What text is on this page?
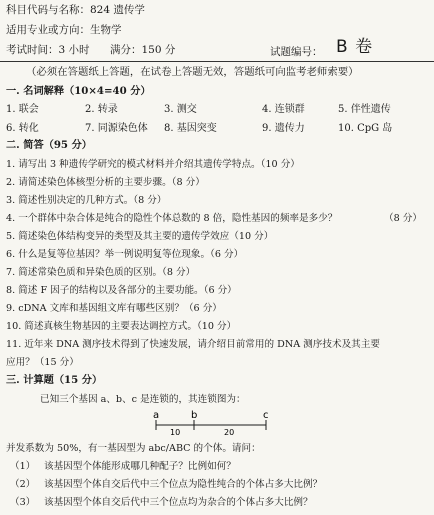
科目代码与名称：824 遗传学
适用专业或方向：生物学
考试时间：3 小时 满分：150 分	试题编号： B 卷
（必须在答题纸上答题，在试卷上答题无效，答题纸可向监考老师索要）
一. 名词解释（10×4=40 分）
1. 联会	2. 转录	3. 测交	4. 连锁群	5. 伴性遗传
6. 转化	7. 同源染色体 8. 基因突变	9. 遗传力	10. CpG 岛
二. 简答（95 分）
1. 请写出 3 种遗传学研究的模式材料并介绍其遗传学特点。（10 分）
2. 请简述染色体核型分析的主要步骤。（8 分）
3. 简述性别决定的几种方式。（8 分）
4. 一个群体中杂合体是纯合的隐性个体总数的 8 倍，隐性基因的频率是多少？	（8 分）
5. 简述染色体结构变异的类型及其主要的遗传学效应（10 分）
6. 什么是复等位基因？举一例说明复等位现象。（6 分）
7. 简述常染色质和异染色质的区别。（8 分）
8. 简述 F 因子的结构以及各部分的主要功能。（6 分）
9. cDNA 文库和基因组文库有哪些区别？（6 分）
10. 简述真核生物基因的主要表达调控方式。（10 分）
11. 近年来 DNA 测序技术得到了快速发展，请介绍目前常用的 DNA 测序技术及其主要
应用？（15 分）
三. 计算题（15 分）
已知三个基因 a、b、c 是连锁的，其连锁图为：
a	b	c
10	20
并发系数为 50%，有一基因型为 abc/ABC 的个体。请问：
（1） 该基因型个体能形成哪几种配子？比例如何？
（2） 该基因型个体自交后代中三个位点为隐性纯合的个体占多大比例？
（3） 该基因型个体自交后代中三个位点均为杂合的个体占多大比例？
